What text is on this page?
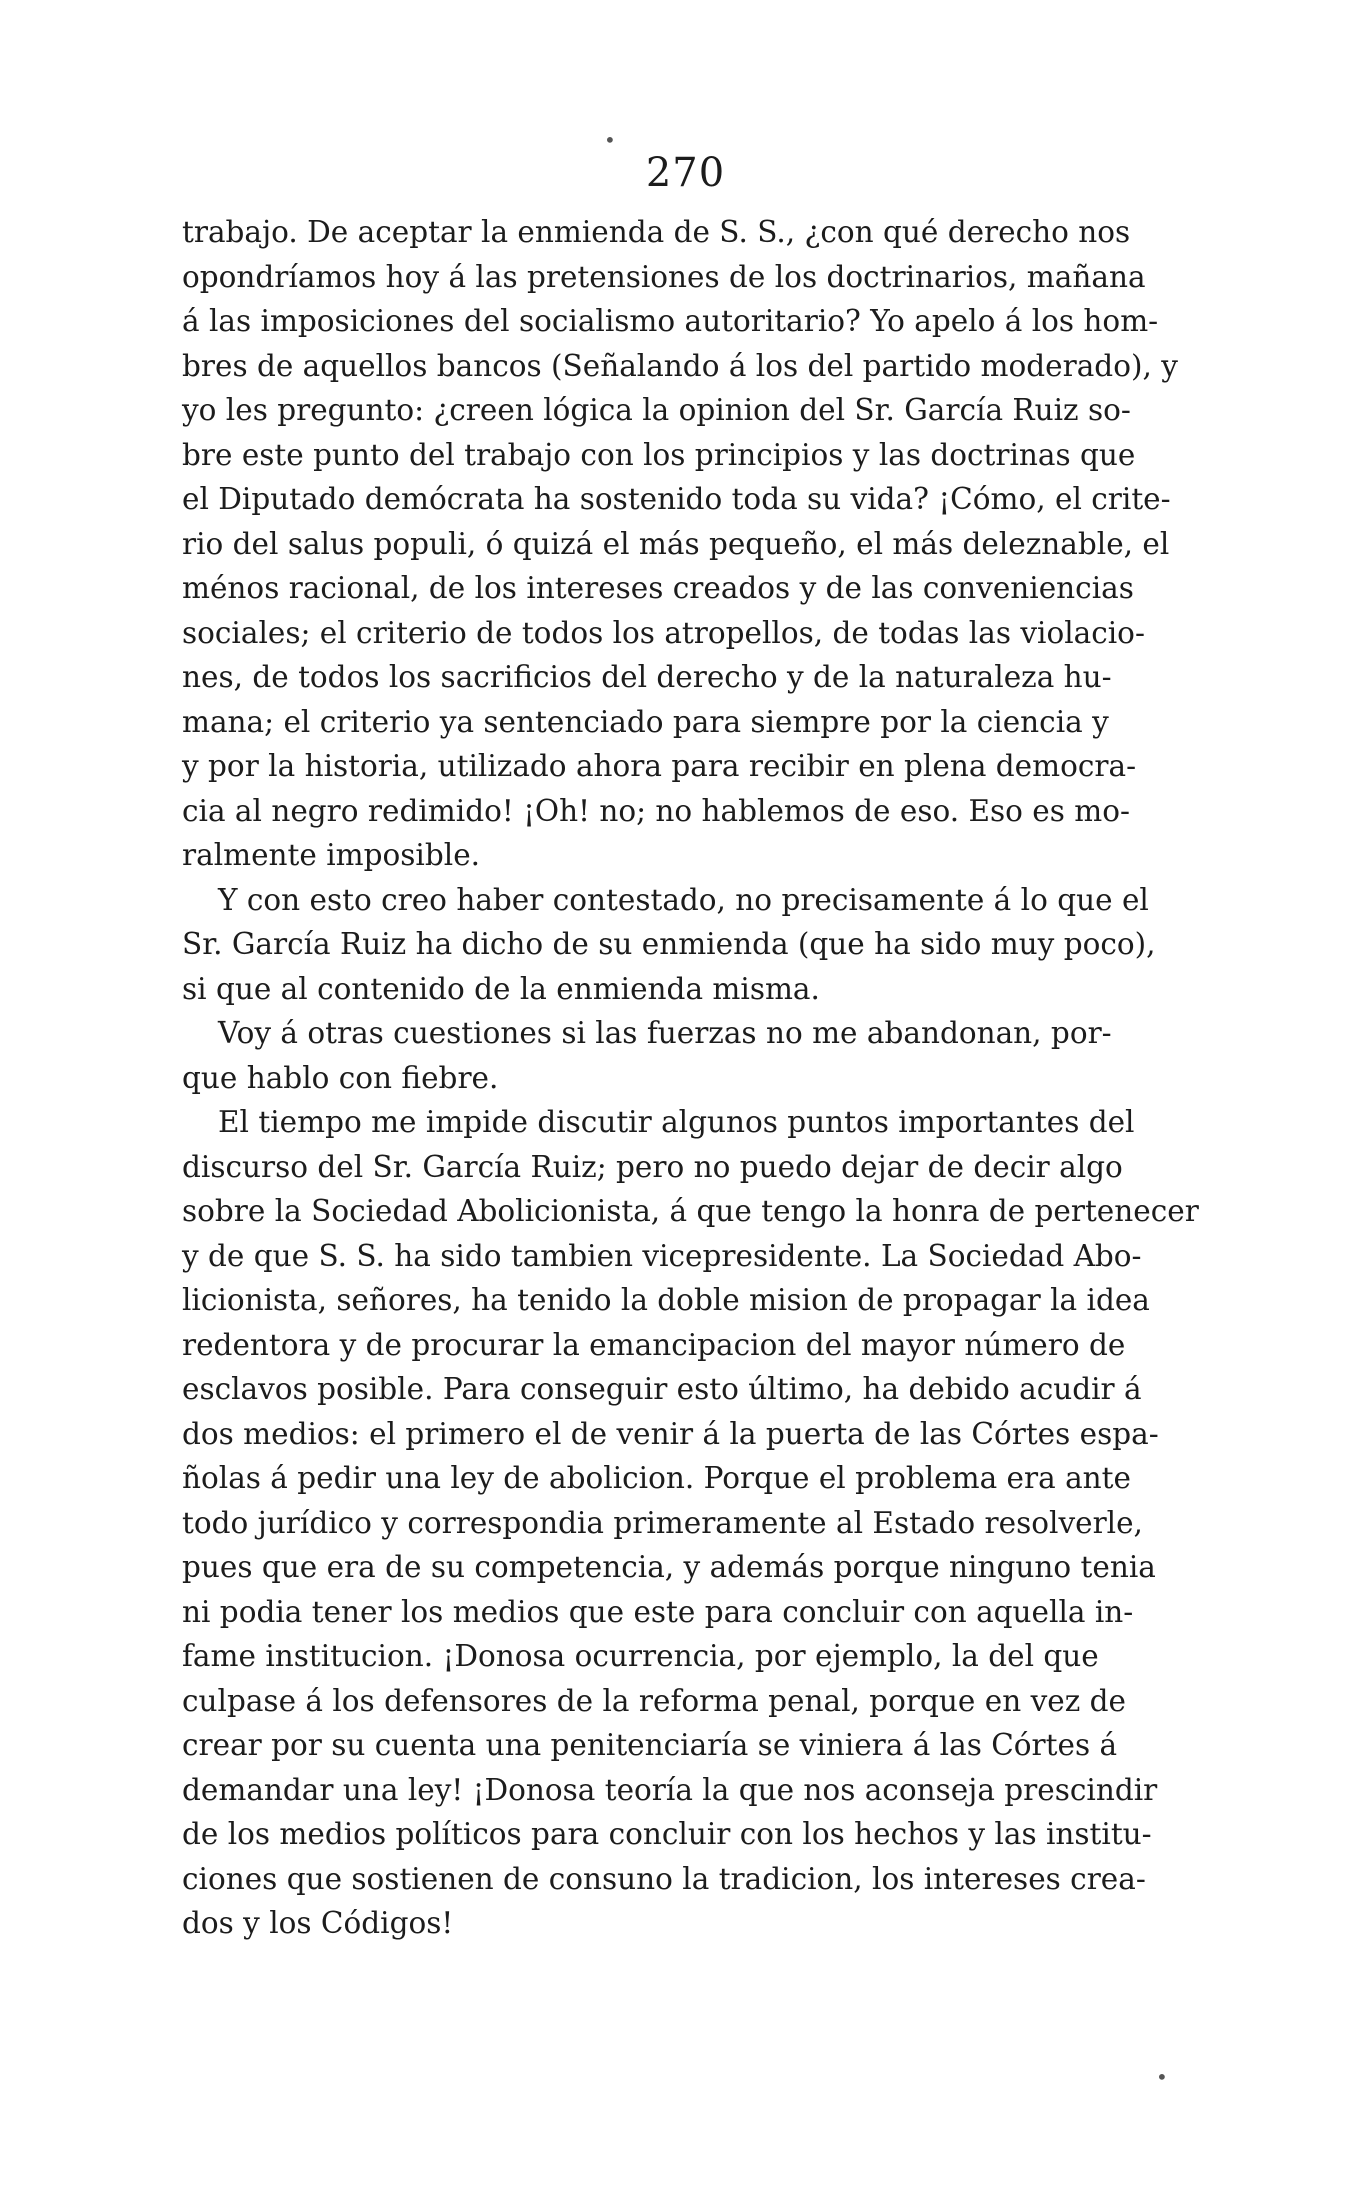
270
trabajo. De aceptar la enmienda de S. S., ¿con qué derecho nos
opondríamos hoy á las pretensiones de los doctrinarios, mañana
á las imposiciones del socialismo autoritario? Yo apelo á los hom-
bres de aquellos bancos (Señalando á los del partido moderado), y
yo les pregunto: ¿creen lógica la opinion del Sr. García Ruiz so-
bre este punto del trabajo con los principios y las doctrinas que
el Diputado demócrata ha sostenido toda su vida? ¡Cómo, el crite-
rio del salus populi, ó quizá el más pequeño, el más deleznable, el
ménos racional, de los intereses creados y de las conveniencias
sociales; el criterio de todos los atropellos, de todas las violacio-
nes, de todos los sacrificios del derecho y de la naturaleza hu-
mana; el criterio ya sentenciado para siempre por la ciencia y
y por la historia, utilizado ahora para recibir en plena democra-
cia al negro redimido! ¡Oh! no; no hablemos de eso. Eso es mo-
ralmente imposible.
Y con esto creo haber contestado, no precisamente á lo que el
Sr. García Ruiz ha dicho de su enmienda (que ha sido muy poco),
si que al contenido de la enmienda misma.
Voy á otras cuestiones si las fuerzas no me abandonan, por-
que hablo con fiebre.
El tiempo me impide discutir algunos puntos importantes del
discurso del Sr. García Ruiz; pero no puedo dejar de decir algo
sobre la Sociedad Abolicionista, á que tengo la honra de pertenecer
y de que S. S. ha sido tambien vicepresidente. La Sociedad Abo-
licionista, señores, ha tenido la doble mision de propagar la idea
redentora y de procurar la emancipacion del mayor número de
esclavos posible. Para conseguir esto último, ha debido acudir á
dos medios: el primero el de venir á la puerta de las Córtes espa-
ñolas á pedir una ley de abolicion. Porque el problema era ante
todo jurídico y correspondia primeramente al Estado resolverle,
pues que era de su competencia, y además porque ninguno tenia
ni podia tener los medios que este para concluir con aquella in-
fame institucion. ¡Donosa ocurrencia, por ejemplo, la del que
culpase á los defensores de la reforma penal, porque en vez de
crear por su cuenta una penitenciaría se viniera á las Córtes á
demandar una ley! ¡Donosa teoría la que nos aconseja prescindir
de los medios políticos para concluir con los hechos y las institu-
ciones que sostienen de consuno la tradicion, los intereses crea-
dos y los Códigos!
•
•
